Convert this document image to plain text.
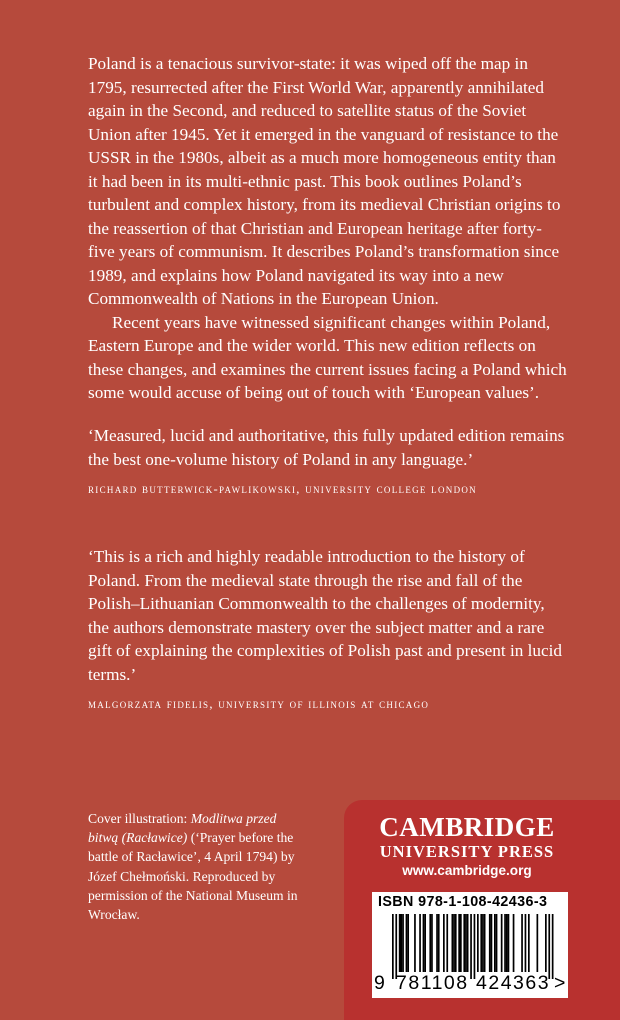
Poland is a tenacious survivor-state: it was wiped off the map in 1795, resurrected after the First World War, apparently annihilated again in the Second, and reduced to satellite status of the Soviet Union after 1945. Yet it emerged in the vanguard of resistance to the USSR in the 1980s, albeit as a much more homogeneous entity than it had been in its multi-ethnic past. This book outlines Poland’s turbulent and complex history, from its medieval Christian origins to the reassertion of that Christian and European heritage after forty-five years of communism. It describes Poland’s transformation since 1989, and explains how Poland navigated its way into a new Commonwealth of Nations in the European Union.

Recent years have witnessed significant changes within Poland, Eastern Europe and the wider world. This new edition reflects on these changes, and examines the current issues facing a Poland which some would accuse of being out of touch with ‘European values’.

‘Measured, lucid and authoritative, this fully updated edition remains the best one-volume history of Poland in any language.’

richard butterwick-pawlikowski, university college london

‘This is a rich and highly readable introduction to the history of Poland. From the medieval state through the rise and fall of the Polish–Lithuanian Commonwealth to the challenges of modernity, the authors demonstrate mastery over the subject matter and a rare gift of explaining the complexities of Polish past and present in lucid terms.’

malgorzata fidelis, university of illinois at chicago

Cover illustration: Modlitwa przed bitwą (Racławice) (‘Prayer before the battle of Racławice’, 4 April 1794) by Józef Chełmoński. Reproduced by permission of the National Museum in Wrocław.

CAMBRIDGE

UNIVERSITY PRESS

www.cambridge.org

ISBN 978-1-108-42436-3
9 781108 424363 >
